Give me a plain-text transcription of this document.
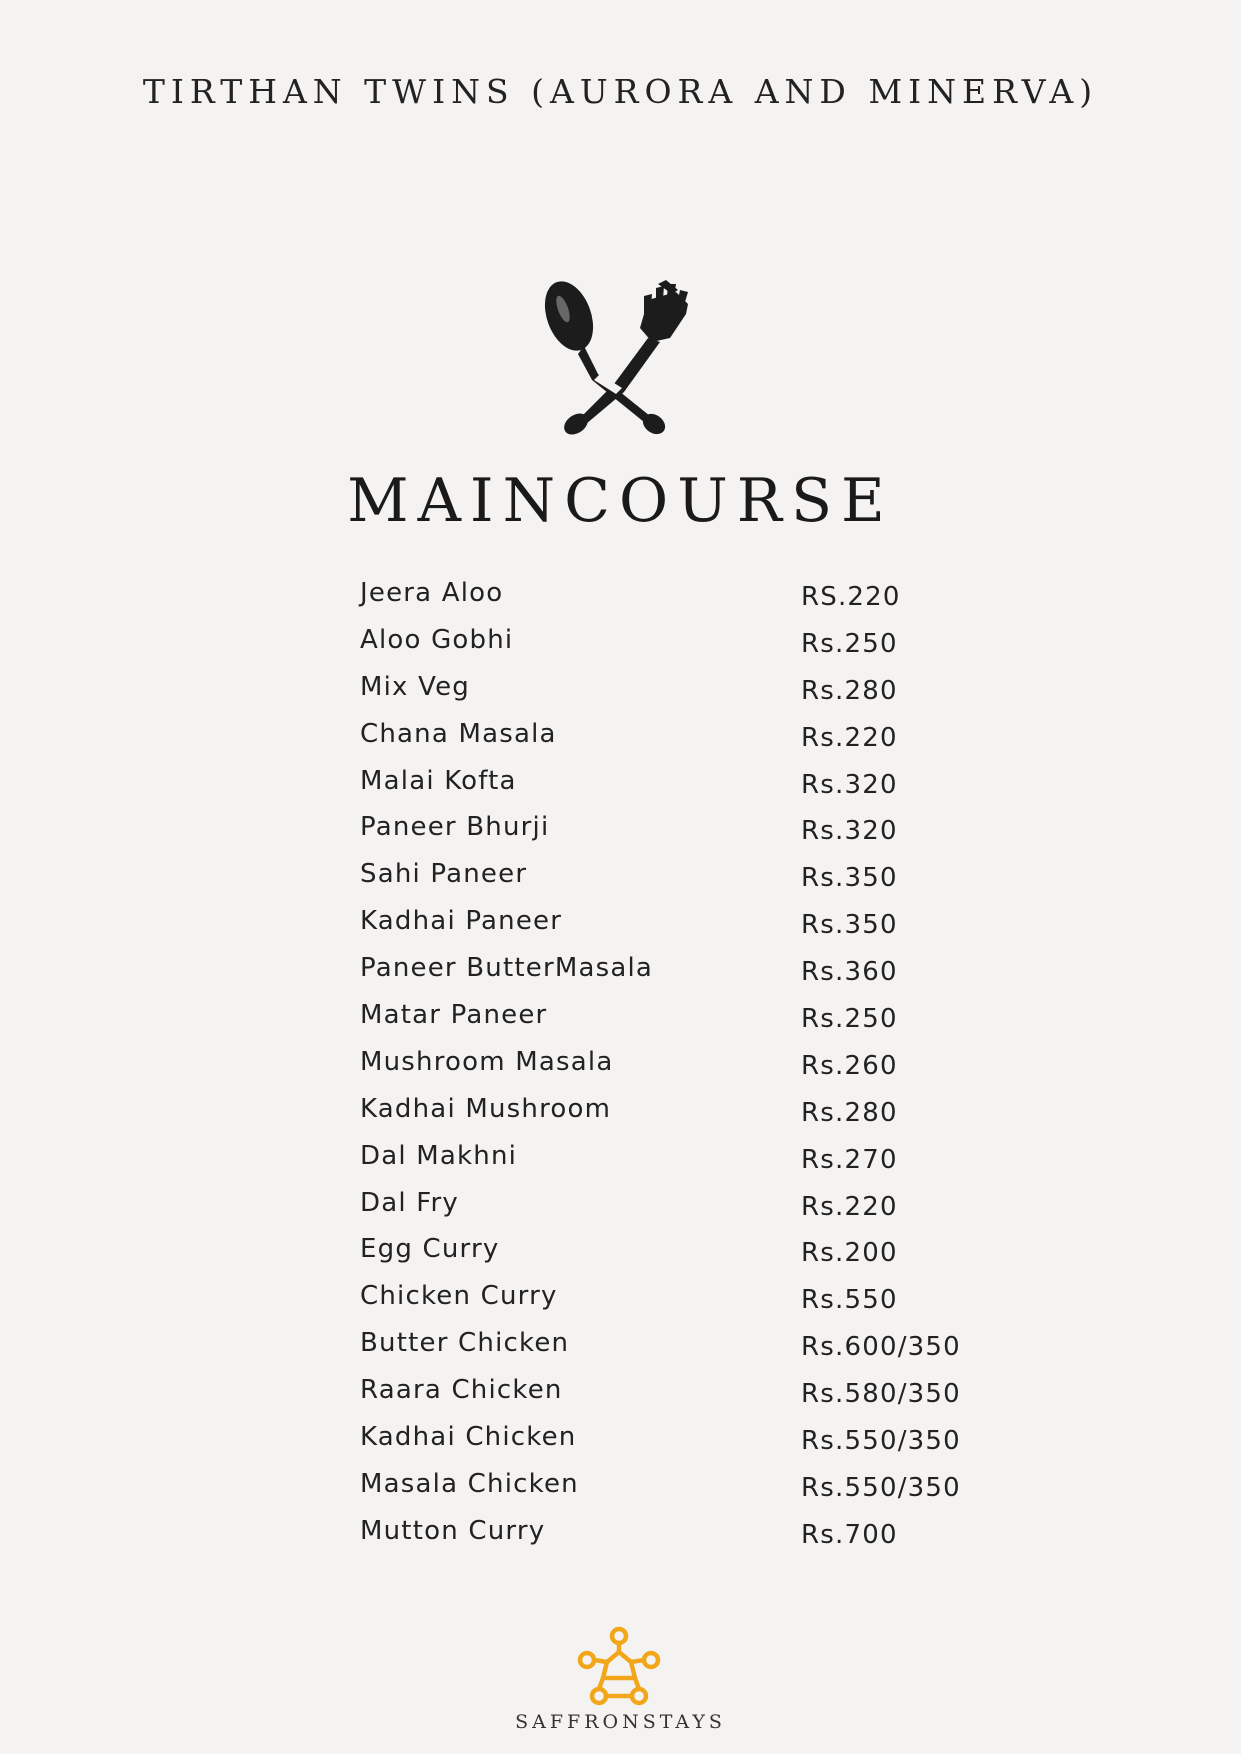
TIRTHAN TWINS (AURORA AND MINERVA)
MAINCOURSE
Jeera Aloo	RS.220
Aloo Gobhi	Rs.250
Mix Veg	Rs.280
Chana Masala	Rs.220
Malai Kofta	Rs.320
Paneer Bhurji	Rs.320
Sahi Paneer	Rs.350
Kadhai Paneer	Rs.350
Paneer ButterMasala	Rs.360
Matar Paneer	Rs.250
Mushroom Masala	Rs.260
Kadhai Mushroom	Rs.280
Dal Makhni	Rs.270
Dal Fry	Rs.220
Egg Curry	Rs.200
Chicken Curry	Rs.550
Butter Chicken	Rs.600/350
Raara Chicken	Rs.580/350
Kadhai Chicken	Rs.550/350
Masala Chicken	Rs.550/350
Mutton Curry	Rs.700
SAFFRONSTAYS
